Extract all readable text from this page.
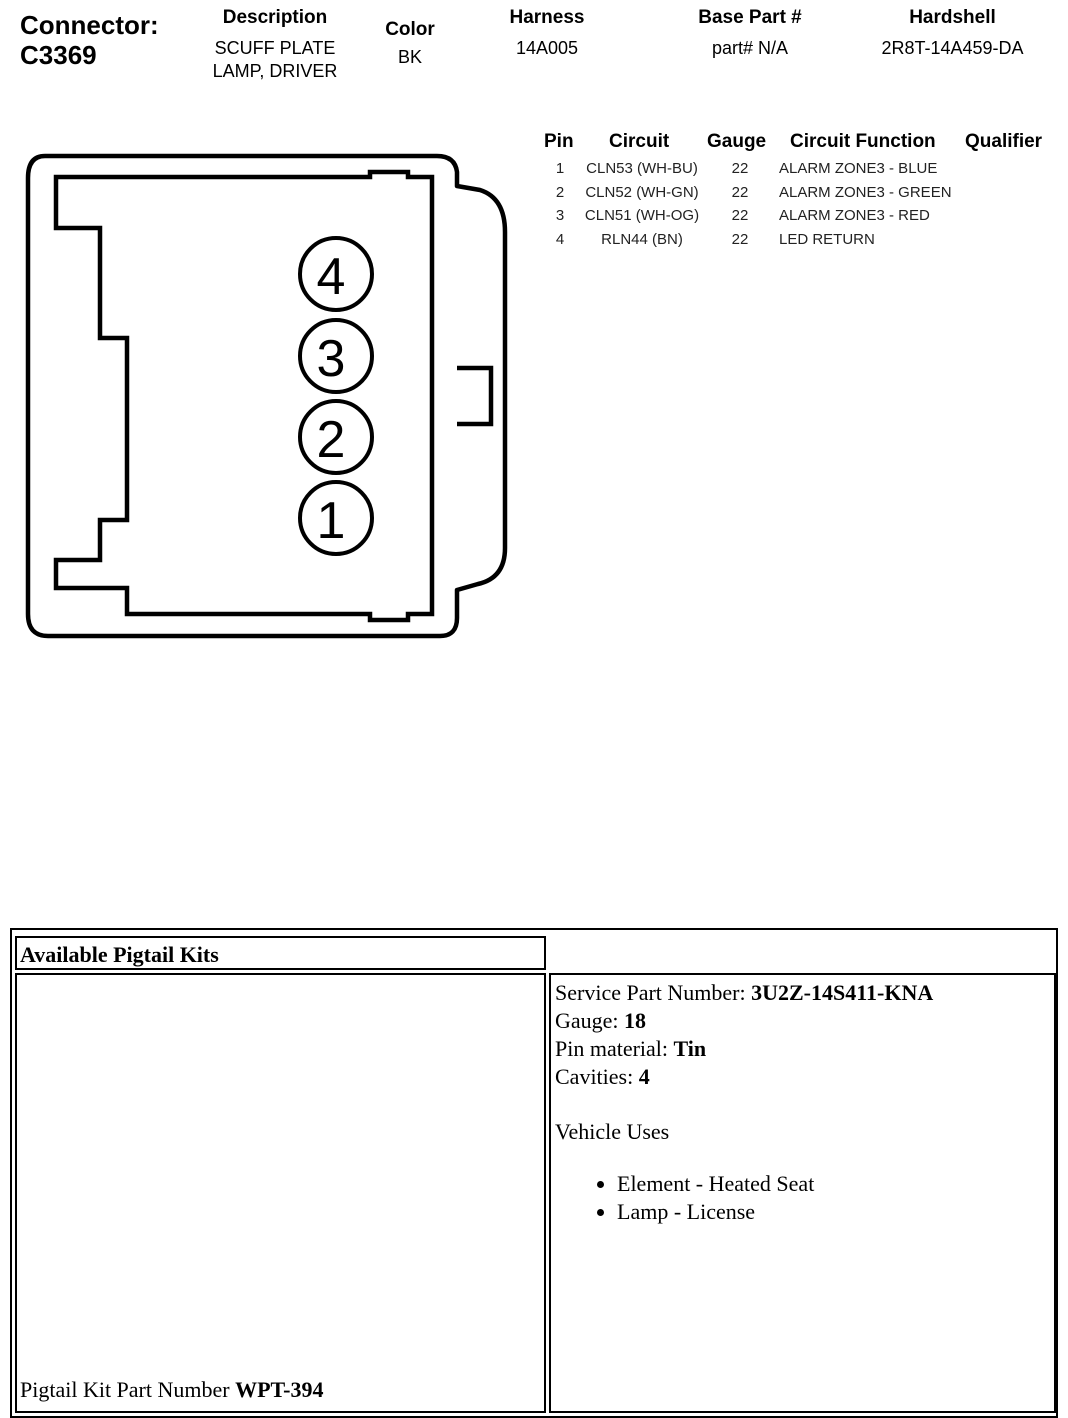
Connector:
C3369
Description
SCUFF PLATE
LAMP, DRIVER
Color
BK
Harness
14A005
Base Part #
part# N/A
Hardshell
2R8T-14A459-DA
4
3
2
1
Pin Circuit Gauge Circuit Function Qualifier
1	CLN53 (WH-BU)	22	ALARM ZONE3 - BLUE
2	CLN52 (WH-GN)	22	ALARM ZONE3 - GREEN
3	CLN51 (WH-OG)	22	ALARM ZONE3 - RED
4	RLN44 (BN)	22	LED RETURN
Available Pigtail Kits
Pigtail Kit Part Number WPT-394
Service Part Number: 3U2Z-14S411-KNA
Gauge: 18
Pin material: Tin
Cavities: 4
Vehicle Uses
• Element - Heated Seat
• Lamp - License
